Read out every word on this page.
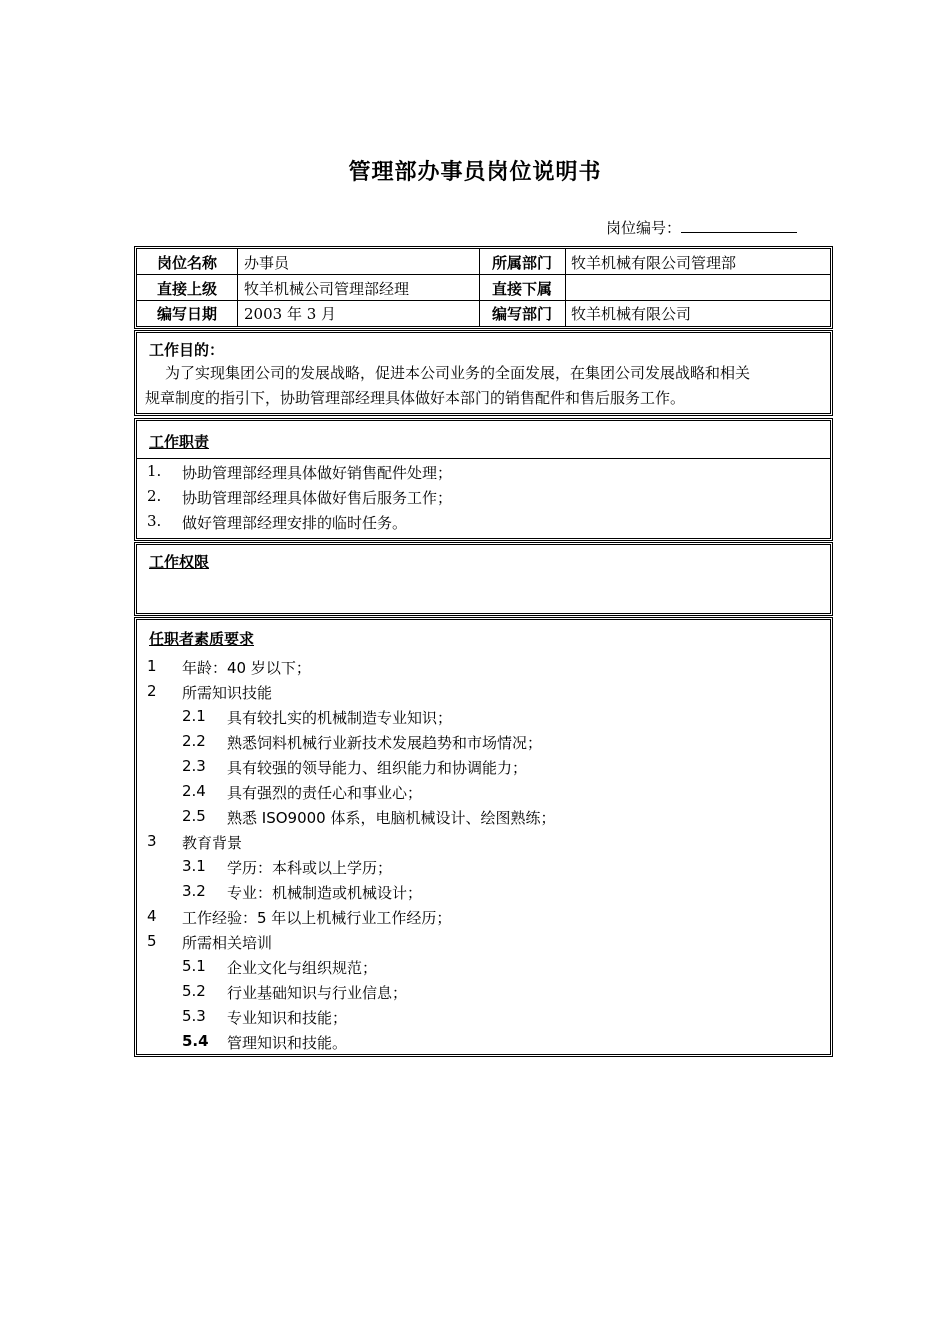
管理部办事员岗位说明书
岗位编号：
岗位名称	办事员	所属部门	牧羊机械有限公司管理部
直接上级	牧羊机械公司管理部经理	直接下属
编写日期	2003 年 3 月	编写部门	牧羊机械有限公司
工作目的：
为了实现集团公司的发展战略，促进本公司业务的全面发展，在集团公司发展战略和相关
规章制度的指引下，协助管理部经理具体做好本部门的销售配件和售后服务工作。
工作职责
1. 协助管理部经理具体做好销售配件处理；
2. 协助管理部经理具体做好售后服务工作；
3. 做好管理部经理安排的临时任务。
工作权限
任职者素质要求
1 年龄：40 岁以下；
2 所需知识技能
2.1 具有较扎实的机械制造专业知识；
2.2 熟悉饲料机械行业新技术发展趋势和市场情况；
2.3 具有较强的领导能力、组织能力和协调能力；
2.4 具有强烈的责任心和事业心；
2.5 熟悉 ISO9000 体系，电脑机械设计、绘图熟练；
3 教育背景
3.1 学历：本科或以上学历；
3.2 专业：机械制造或机械设计；
4 工作经验：5 年以上机械行业工作经历；
5 所需相关培训
5.1 企业文化与组织规范；
5.2 行业基础知识与行业信息；
5.3 专业知识和技能；
5.4 管理知识和技能。
